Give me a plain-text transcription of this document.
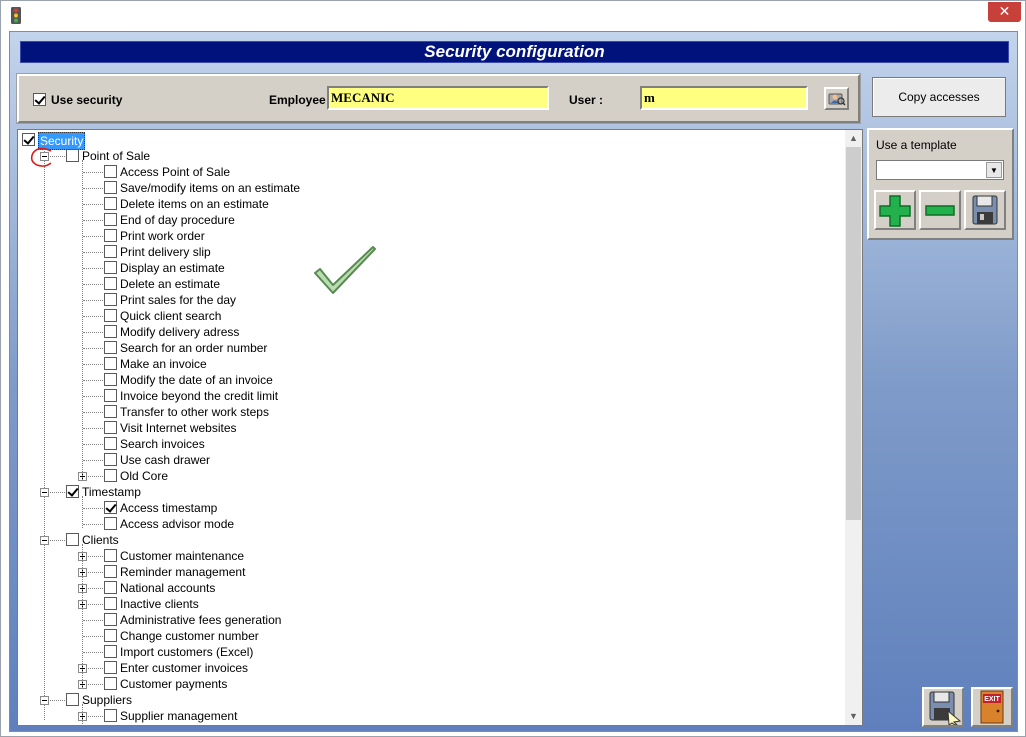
✕
Security configuration
Use security	Employee MECANIC	User :	m	Copy accesses
Use a template
▼
Security
Point of Sale
Access Point of Sale
Save/modify items on an estimate
Delete items on an estimate
End of day procedure
Print work order
Print delivery slip
Display an estimate
Delete an estimate
Print sales for the day
Quick client search
Modify delivery adress
Search for an order number
Make an invoice
Modify the date of an invoice
Invoice beyond the credit limit
Transfer to other work steps
Visit Internet websites
Search invoices
Use cash drawer
Old Core
Timestamp
Access timestamp
Access advisor mode
Clients
Customer maintenance
Reminder management
National accounts
Inactive clients
Administrative fees generation
Change customer number
Import customers (Excel)
Enter customer invoices
Customer payments
Suppliers
Supplier management
▲
▼
EXIT
